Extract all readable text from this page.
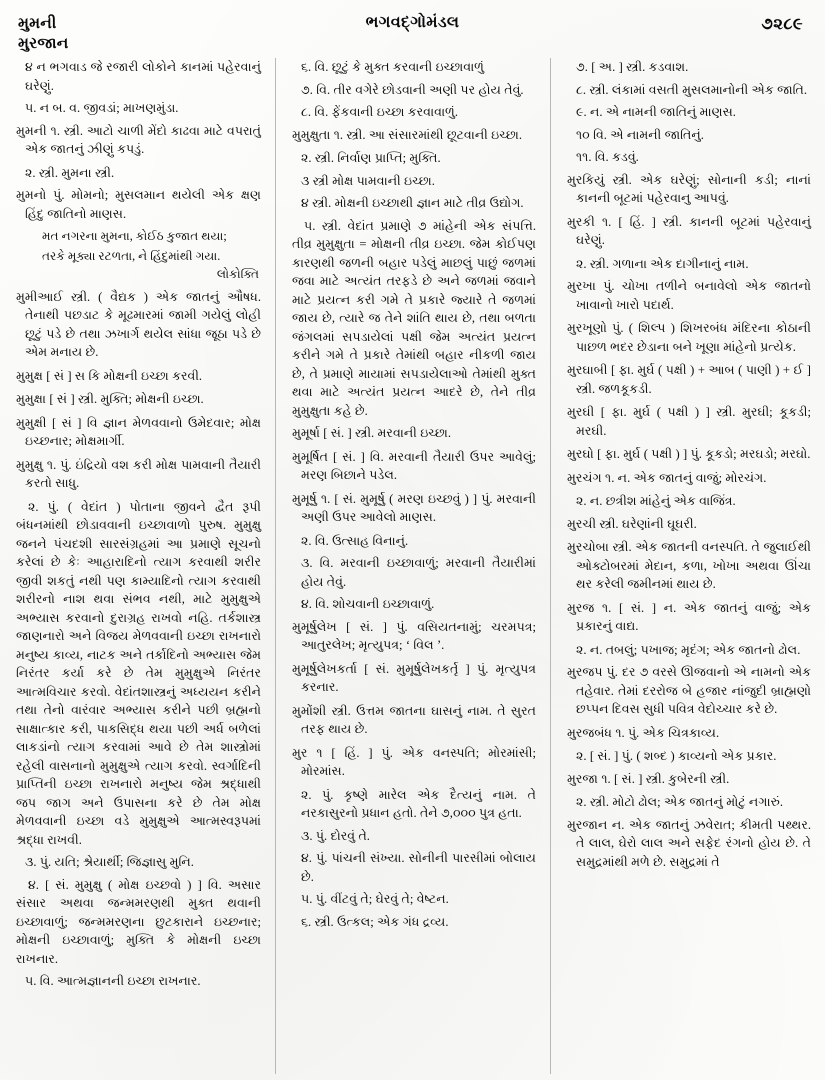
મુમની
મુરજાન
ભગવદ્ગોમંડલ	૭૨૮૯
૪ ન ભગવાડ જે રજારી લોકોને કાનમાં પહેરવાનું ઘરેણું.
૫. ન બ. વ. જીવડાં; માખણમુંડા.
મુમની ૧. સ્ત્રી. આટો ચાળી મેંદો કાઢવા માટે વપરાતું એક જાતનું ઝીણું કપડું.
૨. સ્ત્રી. મુમના સ્ત્રી.
મુમનો પું. મોમનો; મુસલમાન થયેલી એક ક્ષણ હિંદુ જાતિનો માણસ.
મત નગરના મુમના, કોઈઠ કુજાત થયા;
તરકે મૂક્યા રટળતા, ને હિંદુમાંથી ગયા.
લોકોક્તિ
મુમીઆઈ સ્ત્રી. ( વૈદ્યક ) એક જાતનું ઔષધ. તેનાથી પછડાટ કે મૂઢમારમાં જામી ગયેલું લોહી છૂટું પડે છે તથા ઝખાર્ગ થયેલ સાંધા જૂઠા પડે છે એમ મનાય છે.
મુમુક્ષ [ સં ] સ કિ મોક્ષની ઇચ્છા કરવી.
મુમુક્ષા [ સં ] સ્ત્રી. મુક્તિ; મોક્ષની ઇચ્છા.
મુમુક્ષી [ સં ] વિ જ્ઞાન મેળવવાનો ઉમેદવાર; મોક્ષ ઇચ્છનાર; મોક્ષમાર્ગી.
મુમુક્ષુ ૧. પું. ઇંદ્રિયો વશ કરી મોક્ષ પામવાની તૈયારી કરતો સાધુ.
૨. પું. ( વેદાંત ) પોતાના જીવને દ્વૈત રૂપી બંધનમાંથી છોડાવવાની ઇચ્છાવાળો પુરુષ. મુમુક્ષુ જનને પંચદશી સારસંગ્રહમાં આ પ્રમાણે સૂચનો કરેલાં છે કેઃ આહારાદિનો ત્યાગ કરવાથી શરીર જીવી શકતું નથી પણ કામ્યાદિનો ત્યાગ કરવાથી શરીરનો નાશ થવા સંભવ નથી, માટે મુમુક્ષુએ અભ્યાસ કરવાનો દુરાગ્રહ રાખવો નહિ. તર્કશાસ્ત્ર જાણનારો અને વિજય મેળવવાની ઇચ્છા રાખનારો મનુષ્ય કાવ્ય, નાટક અને તર્કાદિનો અભ્યાસ જેમ નિરંતર કર્યા કરે છે તેમ મુમુક્ષુએ નિરંતર આત્મવિચાર કરવો. વેદાંતશાસ્ત્રનું અધ્યયન કરીને તથા તેનો વારંવાર અભ્યાસ કરીને પછી બ્રહ્મનો સાક્ષાત્કાર કરી, પાકસિદ્ધ થયા પછી અર્ધ બળેલાં લાકડાંનો ત્યાગ કરવામાં આવે છે તેમ શાસ્ત્રોમાં રહેલી વાસનાનો મુમુક્ષુએ ત્યાગ કરવો. સ્વર્ગાદિની પ્રાપ્તિની ઇચ્છા રાખનારો મનુષ્ય જેમ શ્રદ્ધાથી જપ જાગ અને ઉપાસના કરે છે તેમ મોક્ષ મેળવવાની ઇચ્છા વડે મુમુક્ષુએ આત્મસ્વરૂપમાં શ્રદ્ધા રાખવી.
૩. પું. યતિ; શ્રેયાર્થી; જિજ્ઞાસુ મુનિ.
૪. [ સં. મુમુક્ષુ ( મોક્ષ ઇચ્છવો ) ] વિ. અસાર સંસાર અથવા જન્મમરણથી મુક્ત થવાની ઇચ્છાવાળું; જન્મમરણના છુટકારાને ઇચ્છનાર; મોક્ષની ઇચ્છાવાળું; મુક્તિ કે મોક્ષની ઇચ્છા રાખનાર.
૫. વિ. આત્મજ્ઞાનની ઇચ્છા રાખનાર.
૬. વિ. છૂટું કે મુક્ત કરવાની ઇચ્છાવાળું
૭. વિ. તીર વગેરે છોડવાની અણી પર હોય તેવું.
૮. વિ. ફેંકવાની ઇચ્છા કરવાવાળું.
મુમુક્ષુતા ૧. સ્ત્રી. આ સંસારમાંથી છૂટવાની ઇચ્છા.
૨. સ્ત્રી. નિર્વાણ પ્રાપ્તિ; મુક્તિ.
૩ સ્ત્રી મોક્ષ પામવાની ઇચ્છા.
૪ સ્ત્રી. મોક્ષની ઇચ્છાથી જ્ઞાન માટે તીવ્ર ઉદ્યોગ.
૫. સ્ત્રી. વેદાંત પ્રમાણે ૭ માંહેની એક સંપત્તિ. તીવ્ર મુમુક્ષુતા = મોક્ષની તીવ્ર ઇચ્છા. જેમ કોઈપણ કારણથી જળની બહાર પડેલું માછલું પાછું જળમાં જવા માટે અત્યંત તરફડે છે અને જળમાં જવાને માટે પ્રયત્ન કરી ગમે તે પ્રકારે જ્યારે તે જળમાં જાય છે, ત્યારે જ તેને શાંતિ થાય છે, તથા બળતા જંગલમાં સપડાયેલાં પક્ષી જેમ અત્યંત પ્રયત્ન કરીને ગમે તે પ્રકારે તેમાંથી બહાર નીકળી જાય છે, તે પ્રમાણે માયામાં સપડાયેલાઓ તેમાંથી મુક્ત થવા માટે અત્યંત પ્રયત્ન આદરે છે, તેને તીવ્ર મુમુક્ષુતા કહે છે.
મુમૂર્ષા [ સં. ] સ્ત્રી. મરવાની ઇચ્છા.
મુમૂર્ષિત [ સં. ] વિ. મરવાની તૈયારી ઉપર આવેલું; મરણ બિછાને પડેલ.
મુમૂર્ષુ ૧. [ સં. મુમૂર્ષુ ( મરણ ઇચ્છવું ) ] પું. મરવાની અણી ઉપર આવેલો માણસ.
૨. વિ. ઉત્સાહ વિનાનું.
૩. વિ. મરવાની ઇચ્છાવાળું; મરવાની તૈયારીમાં હોય તેવું.
૪. વિ. શોચવાની ઇચ્છાવાળું.
મુમૂર્ષુલેખ [ સં. ] પું. વસિયતનામું; ચરમપત્ર; આતુરલેખ; મૃત્યુપત્ર; ‘ વિલ ’.
મુમૂર્ષુલેખકર્તા [ સં. મુમૂર્ષુલેખકર્તૃ ] પું. મૃત્યુપત્ર કરનાર.
મુમોંશી સ્ત્રી. ઉત્તમ જાતના ઘાસનું નામ. તે સુરત તરફ થાય છે.
મુર ૧ [ હિં. ] પું. એક વનસ્પતિ; મોરમાંસી; મોરમાંસ.
૨. પું. કૃષ્ણે મારેલ એક દૈત્યનું નામ. તે નરકાસુરનો પ્રધાન હતો. તેને ૭,૦૦૦ પુત્ર હતા.
૩. પું. દોરવું તે.
૪. પું. પાંચની સંખ્યા. સોનીની પારસીમાં બોલાય છે.
૫. પું. વીંટવું તે; ઘેરવું તે; વેષ્ટન.
૬. સ્ત્રી. ઉત્કલ; એક ગંધ દ્રવ્ય.
૭. [ અ. ] સ્ત્રી. કડવાશ.
૮. સ્ત્રી. લંકામાં વસતી મુસલમાનોની એક જાતિ.
૯. ન. એ નામની જાતિનું માણસ.
૧૦ વિ. એ નામની જાતિનું.
૧૧. વિ. કડવું.
મુરકિયું સ્ત્રી. એક ઘરેણું; સોનાની કડી; નાનાં કાનની બૂટમાં પહેરવાનુ આપવું.
મુરકી ૧. [ હિં. ] સ્ત્રી. કાનની બૂટમાં પહેરવાનું ઘરેણું.
૨. સ્ત્રી. ગળાના એક દાગીનાનું નામ.
મુરખા પું. ચોખા તળીને બનાવેલો એક જાતનો ખાવાનો ખારો પદાર્થ.
મુરખૂણો પું. ( શિલ્પ ) શિખરબંધ મંદિરના કોઠાની પાછળ ભદર છેડાના બને ખૂણા માંહેનો પ્રત્યેક.
મુરઘાબી [ ફા. મુર્ઘ ( પક્ષી ) + આબ ( પાણી ) + ઈ ] સ્ત્રી. જળકૂકડી.
મુરઘી [ ફા. મુર્ઘ ( પક્ષી ) ] સ્ત્રી. મુરઘી; કૂકડી; મરઘી.
મુરઘો [ ફા. મુર્ઘ ( પક્ષી ) ] પું. કૂકડો; મરઘડો; મરઘો.
મુરચંગ ૧. ન. એક જાતનું વાજું; મોરચંગ.
૨. ન. છત્રીશ માંહેનું એક વાજિંત્ર.
મુરચી સ્ત્રી. ઘરેણાંની ઘૂઘરી.
મુરચોબા સ્ત્રી. એક જાતની વનસ્પતિ. તે જુલાઈથી ઓક્ટોબરમાં મેદાન, કળા, ખોખા અથવા ઊંચા થર કરેલી જમીનમાં થાય છે.
મુરજ ૧. [ સં. ] ન. એક જાતનું વાજું; એક પ્રકારનું વાદ્ય.
૨. ન. તબલું; પખાજ; મૃદંગ; એક જાતનો ઢોલ.
મુરજપ પું. દર ૭ વરસે ઊજવાનો એ નામનો એક તહેવાર. તેમાં દરરોજ બે હજાર નાંજુદી બ્રાહ્મણો છપ્પન દિવસ સુધી પવિત્ર વેદોચ્ચાર કરે છે.
મુરજબંધ ૧. પું. એક ચિત્રકાવ્ય.
૨. [ સં. ] પું. ( શબ્દ ) કાવ્યનો એક પ્રકાર.
મુરજા ૧. [ સં. ] સ્ત્રી. કુબેરની સ્ત્રી.
૨. સ્ત્રી. મોટો ઢોલ; એક જાતનું મોટું નગારું.
મુરજાન ન. એક જાતનું ઝવેરાત; કીમતી પથ્થર. તે લાલ, ઘેરો લાલ અને સફેદ રંગનો હોય છે. તે સમુદ્રમાંથી મળે છે. સમુદ્રમાં તે
